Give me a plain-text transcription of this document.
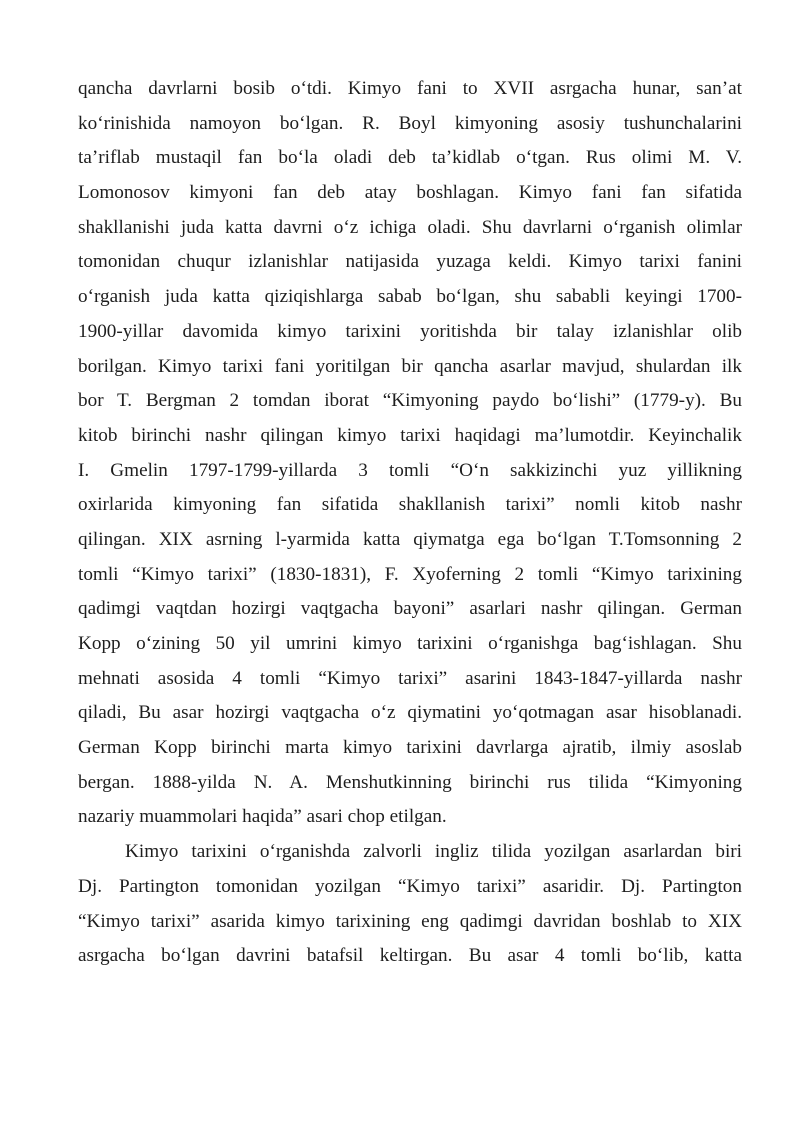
qancha davrlarni bosib o‘tdi. Kimyo fani to XVII asrgacha hunar, san’at
ko‘rinishida namoyon bo‘lgan. R. Boyl kimyoning asosiy tushunchalarini
ta’riflab mustaqil fan bo‘la oladi deb ta’kidlab o‘tgan. Rus olimi M. V.
Lomonosov kimyoni fan deb atay boshlagan. Kimyo fani fan sifatida
shakllanishi juda katta davrni o‘z ichiga oladi. Shu davrlarni o‘rganish olimlar
tomonidan chuqur izlanishlar natijasida yuzaga keldi. Kimyo tarixi fanini
o‘rganish juda katta qiziqishlarga sabab bo‘lgan, shu sababli keyingi 1700-
1900-yillar davomida kimyo tarixini yoritishda bir talay izlanishlar olib
borilgan. Kimyo tarixi fani yoritilgan bir qancha asarlar mavjud, shulardan ilk
bor T. Bergman 2 tomdan iborat “Kimyoning paydo bo‘lishi” (1779-y). Bu
kitob birinchi nashr qilingan kimyo tarixi haqidagi ma’lumotdir. Keyinchalik
I. Gmelin 1797-1799-yillarda 3 tomli “O‘n sakkizinchi yuz yillikning
oxirlarida kimyoning fan sifatida shakllanish tarixi” nomli kitob nashr
qilingan. XIX asrning l-yarmida katta qiymatga ega bo‘lgan T.Tomsonning 2
tomli “Kimyo tarixi” (1830-1831), F. Xyoferning 2 tomli “Kimyo tarixining
qadimgi vaqtdan hozirgi vaqtgacha bayoni” asarlari nashr qilingan. German
Kopp o‘zining 50 yil umrini kimyo tarixini o‘rganishga bag‘ishlagan. Shu
mehnati asosida 4 tomli “Kimyo tarixi” asarini 1843-1847-yillarda nashr
qiladi, Bu asar hozirgi vaqtgacha o‘z qiymatini yo‘qotmagan asar hisoblanadi.
German Kopp birinchi marta kimyo tarixini davrlarga ajratib, ilmiy asoslab
bergan. 1888-yilda N. A. Menshutkinning birinchi rus tilida “Kimyoning
nazariy muammolari haqida” asari chop etilgan.
Kimyo tarixini o‘rganishda zalvorli ingliz tilida yozilgan asarlardan biri
Dj. Partington tomonidan yozilgan “Kimyo tarixi” asaridir. Dj. Partington
“Kimyo tarixi” asarida kimyo tarixining eng qadimgi davridan boshlab to XIX
asrgacha bo‘lgan davrini batafsil keltirgan. Bu asar 4 tomli bo‘lib, katta
